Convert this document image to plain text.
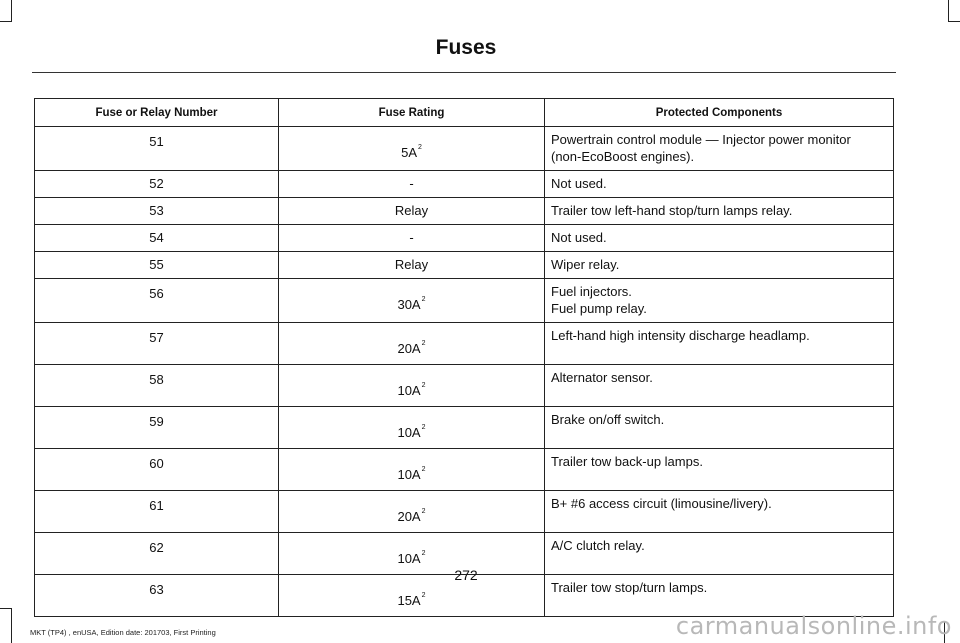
Fuses
Fuse or Relay Number	Fuse Rating	Protected Components
51	$5A^2$	Powertrain control module — Injector power monitor
(non-EcoBoost engines).

52	-	Not used.

53	Relay	Trailer tow left-hand stop/turn lamps relay.

54	-	Not used.

55	Relay	Wiper relay.

56	$30A^2$	Fuel injectors.
Fuel pump relay.

57	$20A^2$	Left-hand high intensity discharge headlamp.

58	$10A^2$	Alternator sensor.

59	$10A^2$	Brake on/off switch.

60	$10A^2$	Trailer tow back-up lamps.

61	$20A^2$	B+ #6 access circuit (limousine/livery).

62	$10A^2$	A/C clutch relay.

63	$15A^2$	Trailer tow stop/turn lamps.
272
MKT (TP4) , enUSA, Edition date: 201703, First Printing	carmanualsonline.info
